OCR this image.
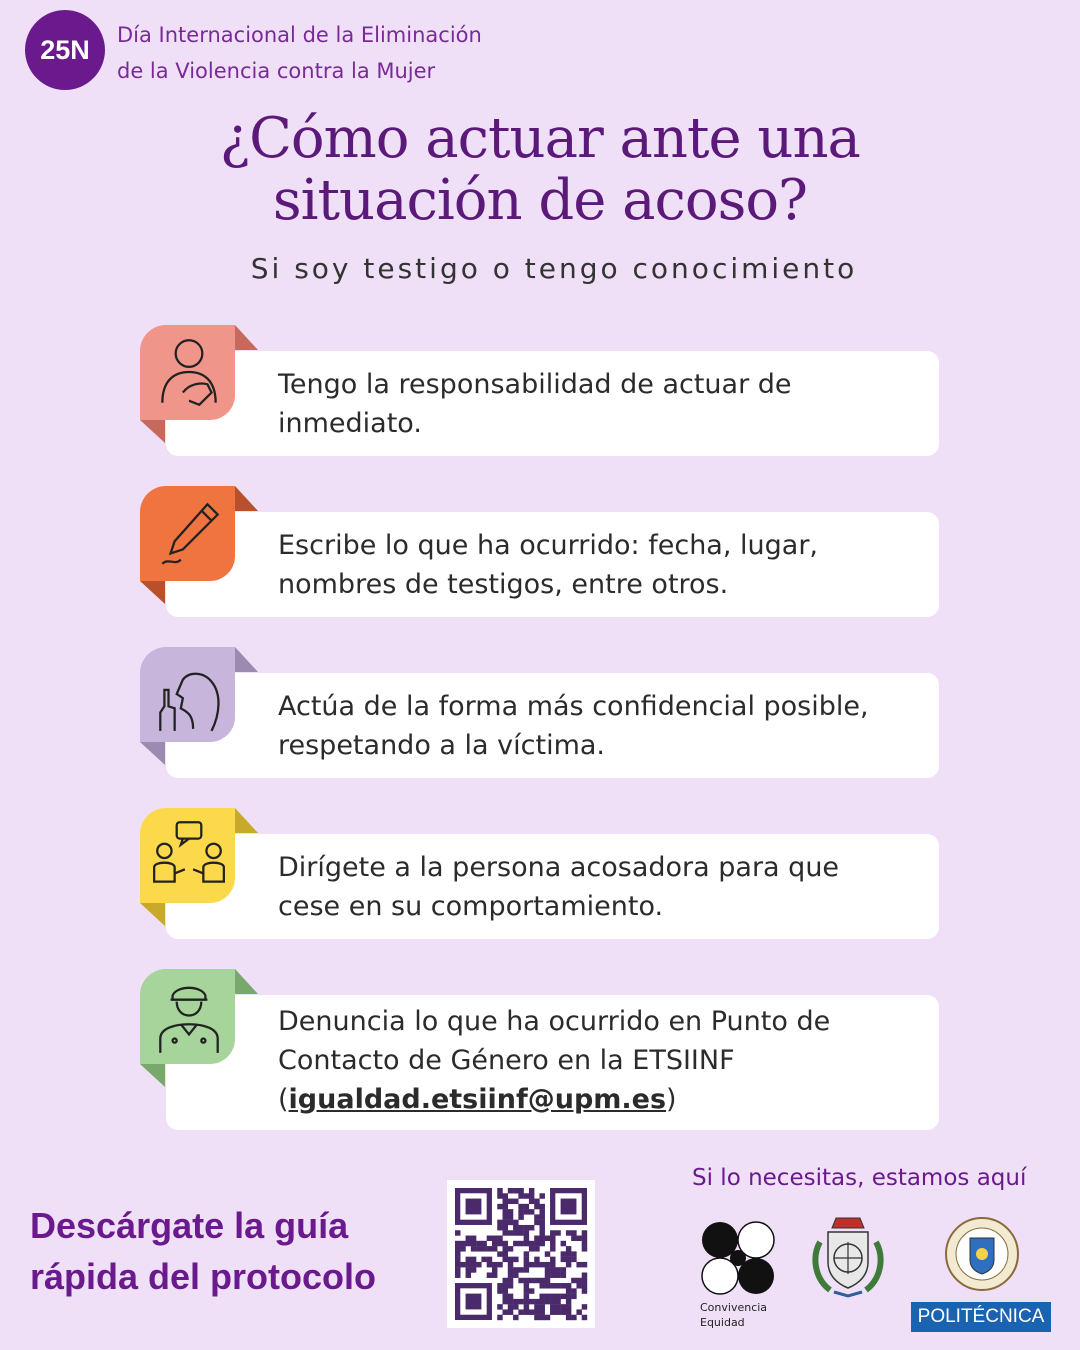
25N	Día Internacional de la Eliminación
de la Violencia contra la Mujer
¿Cómo actuar ante una
situación de acoso?
Si soy testigo o tengo conocimiento
Tengo la responsabilidad de actuar de
inmediato.
Escribe lo que ha ocurrido: fecha, lugar,
nombres de testigos, entre otros.
Actúa de la forma más confidencial posible,
respetando a la víctima.
Dirígete a la persona acosadora para que
cese en su comportamiento.
Denuncia lo que ha ocurrido en Punto de
Contacto de Género en la ETSIINF
(igualdad.etsiinf@upm.es)
Descárgate la guía
rápida del protocolo
Si lo necesitas, estamos aquí
Convivencia
Equidad	POLITÉCNICA
